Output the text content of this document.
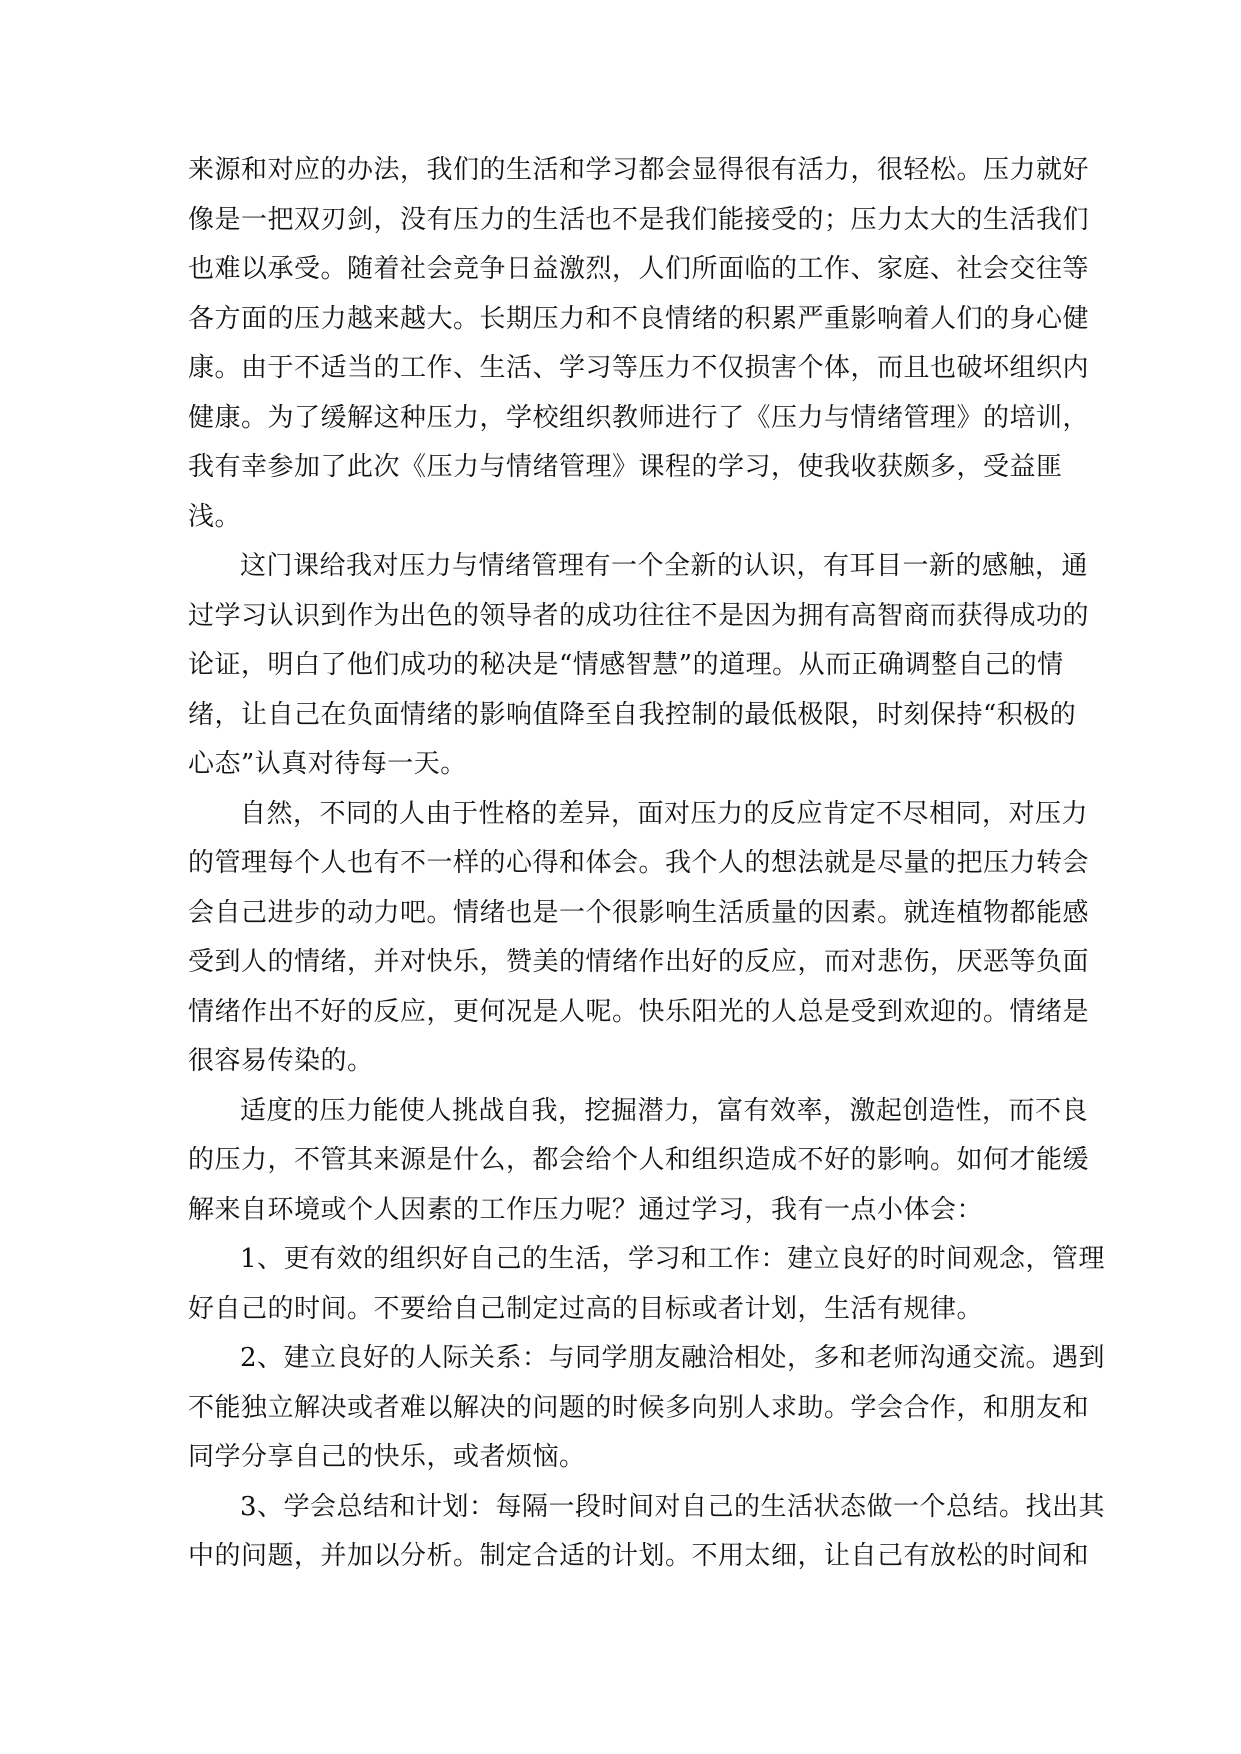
来源和对应的办法，我们的生活和学习都会显得很有活力，很轻松。压力就好
像是一把双刃剑，没有压力的生活也不是我们能接受的；压力太大的生活我们
也难以承受。随着社会竞争日益激烈，人们所面临的工作、家庭、社会交往等
各方面的压力越来越大。长期压力和不良情绪的积累严重影响着人们的身心健
康。由于不适当的工作、生活、学习等压力不仅损害个体，而且也破坏组织内
健康。为了缓解这种压力，学校组织教师进行了《压力与情绪管理》的培训，
我有幸参加了此次《压力与情绪管理》课程的学习，使我收获颇多，受益匪
浅。
这门课给我对压力与情绪管理有一个全新的认识，有耳目一新的感触，通
过学习认识到作为出色的领导者的成功往往不是因为拥有高智商而获得成功的
论证，明白了他们成功的秘决是“情感智慧”的道理。从而正确调整自己的情
绪，让自己在负面情绪的影响值降至自我控制的最低极限，时刻保持“积极的
心态”认真对待每一天。
自然，不同的人由于性格的差异，面对压力的反应肯定不尽相同，对压力
的管理每个人也有不一样的心得和体会。我个人的想法就是尽量的把压力转会
会自己进步的动力吧。情绪也是一个很影响生活质量的因素。就连植物都能感
受到人的情绪，并对快乐，赞美的情绪作出好的反应，而对悲伤，厌恶等负面
情绪作出不好的反应，更何况是人呢。快乐阳光的人总是受到欢迎的。情绪是
很容易传染的。
适度的压力能使人挑战自我，挖掘潜力，富有效率，激起创造性，而不良
的压力，不管其来源是什么，都会给个人和组织造成不好的影响。如何才能缓
解来自环境或个人因素的工作压力呢？通过学习，我有一点小体会：
1、更有效的组织好自己的生活，学习和工作：建立良好的时间观念，管理
好自己的时间。不要给自己制定过高的目标或者计划，生活有规律。
2、建立良好的人际关系：与同学朋友融洽相处，多和老师沟通交流。遇到
不能独立解决或者难以解决的问题的时候多向别人求助。学会合作，和朋友和
同学分享自己的快乐，或者烦恼。
3、学会总结和计划：每隔一段时间对自己的生活状态做一个总结。找出其
中的问题，并加以分析。制定合适的计划。不用太细，让自己有放松的时间和
